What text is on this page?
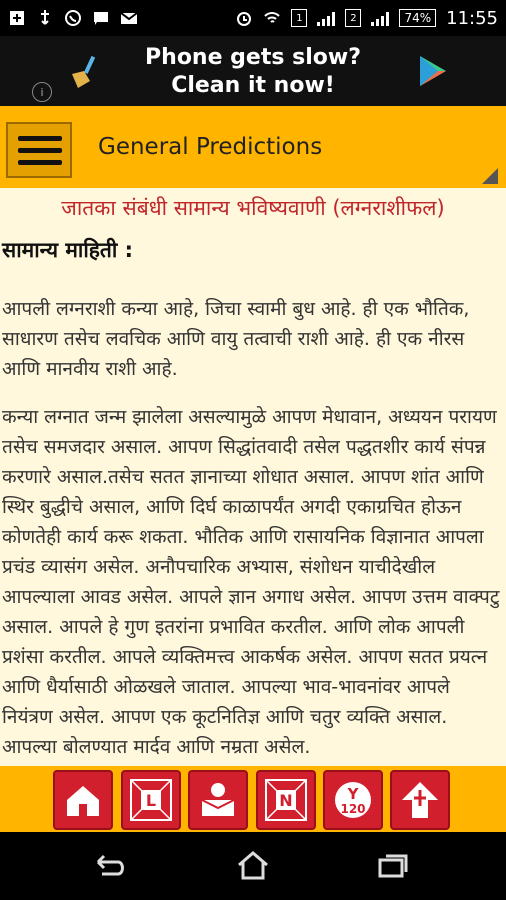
1	2	74% 11:55
Phone gets slow?
Clean it now!
i
General Predictions
जातका संबंधी सामान्य भविष्यवाणी (लग्नराशीफल)
सामान्य माहिती :
आपली लग्नराशी कन्या आहे, जिचा स्वामी बुध आहे. ही एक भौतिक, साधारण तसेच लवचिक आणि वायु तत्वाची राशी आहे. ही एक नीरस आणि मानवीय राशी आहे.
कन्या लग्नात जन्म झालेला असल्यामुळे आपण मेधावान, अध्ययन परायण तसेच समजदार असाल. आपण सिद्धांतवादी तसेल पद्धतशीर कार्य संपन्न करणारे असाल.तसेच सतत ज्ञानाच्या शोधात असाल. आपण शांत आणि स्थिर बुद्धीचे असाल, आणि दिर्घ काळापर्यंत अगदी एकाग्रचित होऊन कोणतेही कार्य करू शकता. भौतिक आणि रासायनिक विज्ञानात आपला प्रचंड व्यासंग असेल. अनौपचारिक अभ्यास, संशोधन याचीदेखील आपल्याला आवड असेल. आपले ज्ञान अगाध असेल. आपण उत्तम वाक्पटु असाल. आपले हे गुण इतरांना प्रभावित करतील. आणि लोक आपली प्रशंसा करतील. आपले व्यक्तिमत्त्व आकर्षक असेल. आपण सतत प्रयत्न आणि धैर्यासाठी ओळखले जाताल. आपल्या भाव-भावनांवर आपले नियंत्रण असेल. आपण एक कूटनितिज्ञ आणि चतुर व्यक्ति असाल. आपल्या बोलण्यात मार्दव आणि नम्रता असेल.
L	N	Y
120
